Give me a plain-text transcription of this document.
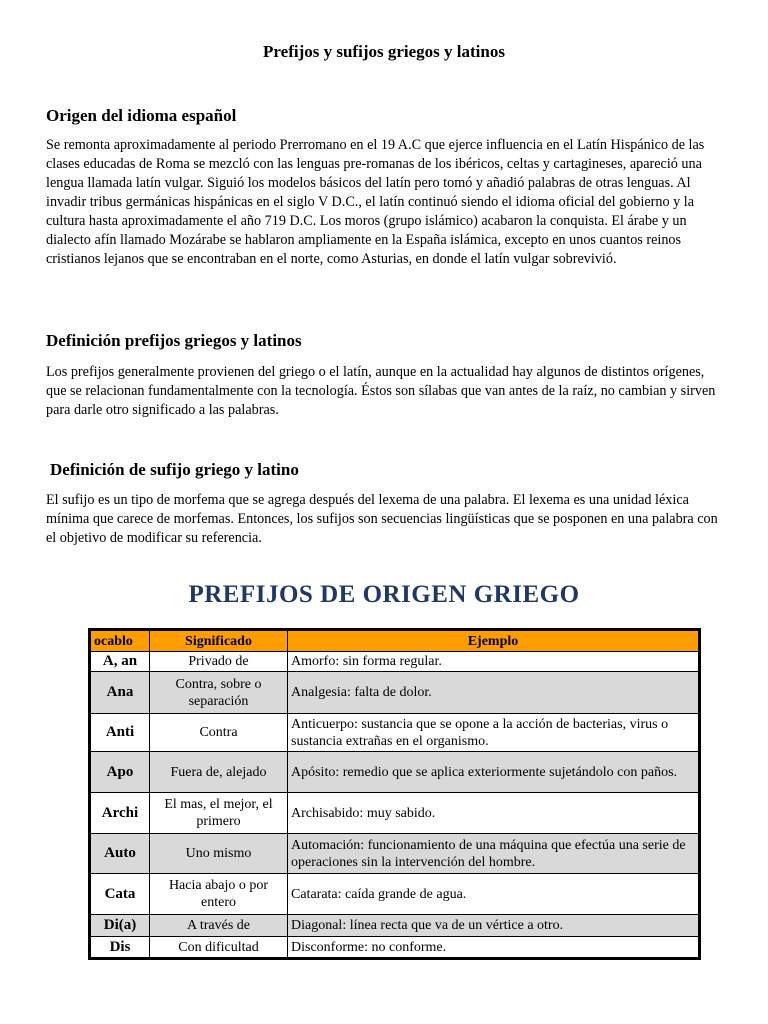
Prefijos y sufijos griegos y latinos
Origen del idioma español

Se remonta aproximadamente al periodo Prerromano en el 19 A.C que ejerce influencia en el Latín Hispánico de las clases educadas de Roma se mezcló con las lenguas pre-romanas de los ibéricos, celtas y cartagineses, apareció una lengua llamada latín vulgar. Siguió los modelos básicos del latín pero tomó y añadió palabras de otras lenguas. Al invadir tribus germánicas hispánicas en el siglo V D.C., el latín continuó siendo el idioma oficial del gobierno y la cultura hasta aproximadamente el año 719 D.C. Los moros (grupo islámico) acabaron la conquista. El árabe y un dialecto afín llamado Mozárabe se hablaron ampliamente en la España islámica, excepto en unos cuantos reinos cristianos lejanos que se encontraban en el norte, como Asturias, en donde el latín vulgar sobrevivió.

Definición prefijos griegos y latinos

Los prefijos generalmente provienen del griego o el latín, aunque en la actualidad hay algunos de distintos orígenes, que se relacionan fundamentalmente con la tecnología. Éstos son sílabas que van antes de la raíz, no cambian y sirven para darle otro significado a las palabras.

Definición de sufijo griego y latino

El sufijo es un tipo de morfema que se agrega después del lexema de una palabra. El lexema es una unidad léxica mínima que carece de morfemas. Entonces, los sufijos son secuencias lingüísticas que se posponen en una palabra con el objetivo de modificar su referencia.

PREFIJOS DE ORIGEN GRIEGO
ocablo	Significado	Ejemplo
A, an	Privado de	Amorfo: sin forma regular.
Ana	Contra, sobre o separación	Analgesia: falta de dolor.
Anti	Contra	Anticuerpo: sustancia que se opone a la acción de bacterias, virus o sustancia extrañas en el organismo.
Apo	Fuera de, alejado	Apósito: remedio que se aplica exteriormente sujetándolo con paños.
Archi	El mas, el mejor, el primero	Archisabido: muy sabido.
Auto	Uno mismo	Automación: funcionamiento de una máquina que efectúa una serie de operaciones sin la intervención del hombre.
Cata	Hacia abajo o por entero	Catarata: caída grande de agua.
Di(a)	A través de	Diagonal: línea recta que va de un vértice a otro.
Dis	Con dificultad	Disconforme: no conforme.
